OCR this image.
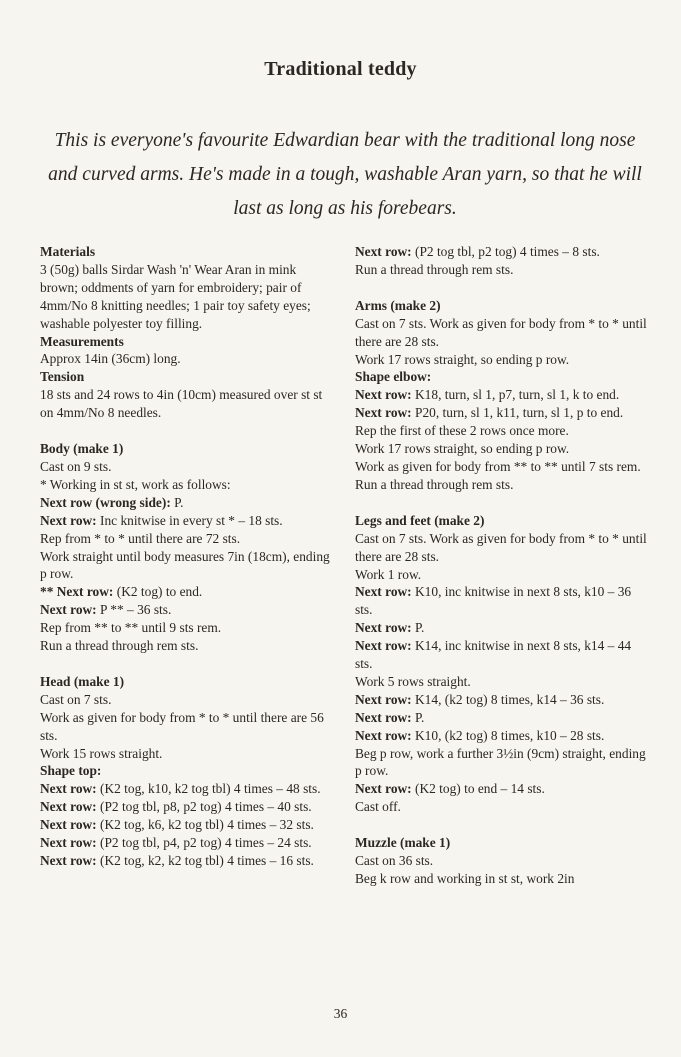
Traditional teddy
This is everyone's favourite Edwardian bear with the traditional long nose and curved arms. He's made in a tough, washable Aran yarn, so that he will last as long as his forebears.
Materials
3 (50g) balls Sirdar Wash 'n' Wear Aran in mink brown; oddments of yarn for embroidery; pair of 4mm/No 8 knitting needles; 1 pair toy safety eyes; washable polyester toy filling.
Measurements
Approx 14in (36cm) long.
Tension
18 sts and 24 rows to 4in (10cm) measured over st st on 4mm/No 8 needles.
Body (make 1)
Cast on 9 sts.
* Working in st st, work as follows:
Next row (wrong side): P.
Next row: Inc knitwise in every st * – 18 sts.
Rep from * to * until there are 72 sts.
Work straight until body measures 7in (18cm), ending p row.
** Next row: (K2 tog) to end.
Next row: P ** – 36 sts.
Rep from ** to ** until 9 sts rem.
Run a thread through rem sts.
Head (make 1)
Cast on 7 sts.
Work as given for body from * to * until there are 56 sts.
Work 15 rows straight.
Shape top:
Next row: (K2 tog, k10, k2 tog tbl) 4 times – 48 sts.
Next row: (P2 tog tbl, p8, p2 tog) 4 times – 40 sts.
Next row: (K2 tog, k6, k2 tog tbl) 4 times – 32 sts.
Next row: (P2 tog tbl, p4, p2 tog) 4 times – 24 sts.
Next row: (K2 tog, k2, k2 tog tbl) 4 times – 16 sts.
Next row: (P2 tog tbl, p2 tog) 4 times – 8 sts.
Run a thread through rem sts.
Arms (make 2)
Cast on 7 sts. Work as given for body from * to * until there are 28 sts.
Work 17 rows straight, so ending p row.
Shape elbow:
Next row: K18, turn, sl 1, p7, turn, sl 1, k to end.
Next row: P20, turn, sl 1, k11, turn, sl 1, p to end.
Rep the first of these 2 rows once more.
Work 17 rows straight, so ending p row.
Work as given for body from ** to ** until 7 sts rem.
Run a thread through rem sts.
Legs and feet (make 2)
Cast on 7 sts. Work as given for body from * to * until there are 28 sts.
Work 1 row.
Next row: K10, inc knitwise in next 8 sts, k10 – 36 sts.
Next row: P.
Next row: K14, inc knitwise in next 8 sts, k14 – 44 sts.
Work 5 rows straight.
Next row: K14, (k2 tog) 8 times, k14 – 36 sts.
Next row: P.
Next row: K10, (k2 tog) 8 times, k10 – 28 sts.
Beg p row, work a further 3½in (9cm) straight, ending p row.
Next row: (K2 tog) to end – 14 sts.
Cast off.
Muzzle (make 1)
Cast on 36 sts.
Beg k row and working in st st, work 2in
36
